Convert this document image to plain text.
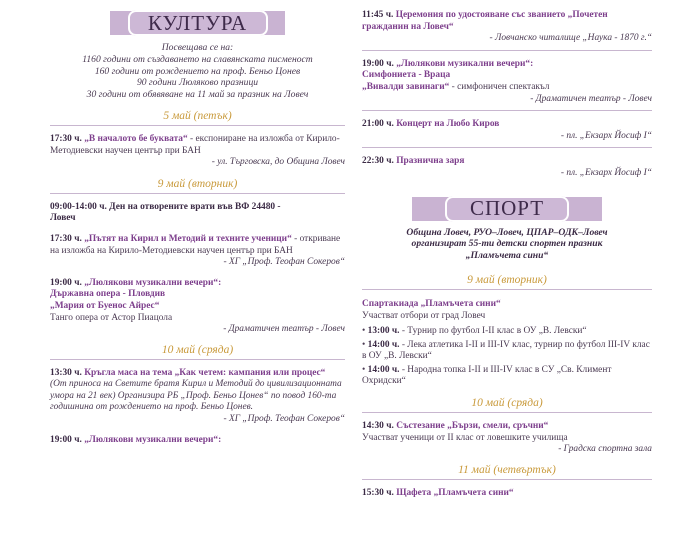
КУЛТУРА
Посвещава се на:
1160 години от създаването на славянската писменост
160 години от рождението на проф. Беньо Цонев
90 години Люляково празници
30 години от обявяване на 11 май за празник на Ловеч

5 май (петък)

17:30 ч. „В началото бе буквата“ - експониране на изложба от Кирило-Методиевски научен център при БАН

- ул. Търговска, до Община Ловеч

9 май (вторник)

09:00-14:00 ч. Ден на отворените врати във ВФ 24480 -

Ловеч

17:30 ч. „Пътят на Кирил и Методий и техните ученици“ - откриване на изложба на Кирило-Методиевски научен център при БАН

- ХГ „Проф. Теофан Сокеров“

19:00 ч. „Люлякови музикални вечери“:

Държавна опера - Пловдив

„Мария от Буенос Айрес“

Танго опера от Астор Пиацола

- Драматичен театър - Ловеч

10 май (сряда)

13:30 ч. Кръгла маса на тема „Как четем: кампания или процес“

(От приноса на Светите братя Кирил и Методий до цивилизационната умора на 21 век) Организира РБ „Проф. Беньо Цонев“ по повод 160-та годишнина от рождението на проф. Беньо Цонев.

- ХГ „Проф. Теофан Сокеров“

19:00 ч. „Люлякови музикални вечери“:

11:45 ч. Церемония по удостояване със званието „Почетен гражданин на Ловеч“

- Ловчанско читалище „Наука - 1870 г.“

19:00 ч. „Люлякови музикални вечери“:

Симфониета - Враца

„Вивалди завинаги“ - симфоничен спектакъл

- Драматичен театър - Ловеч

21:00 ч. Концерт на Любо Киров

- пл. „Екзарх Йосиф I“

22:30 ч. Празнична заря

- пл. „Екзарх Йосиф I“
СПОРТ
Община Ловеч, РУО–Ловеч, ЦПАР–ОДК–Ловеч
организират 55-ти детски спортен празник
„Пламъчета сини“

9 май (вторник)

Спартакиада „Пламъчета сини“

Участват отбори от град Ловеч

• 13:00 ч. - Турнир по футбол I-II клас в ОУ „В. Левски“

• 14:00 ч. - Лека атлетика I-II и III-IV клас, турнир по футбол III-IV клас в ОУ „В. Левски“

• 14:00 ч. - Народна топка I-II и III-IV клас в СУ „Св. Климент Охридски“

10 май (сряда)

14:30 ч. Състезание „Бързи, смели, сръчни“

Участват ученици от II клас от ловешките училища

- Градска спортна зала

11 май (четвъртък)

15:30 ч. Щафета „Пламъчета сини“
